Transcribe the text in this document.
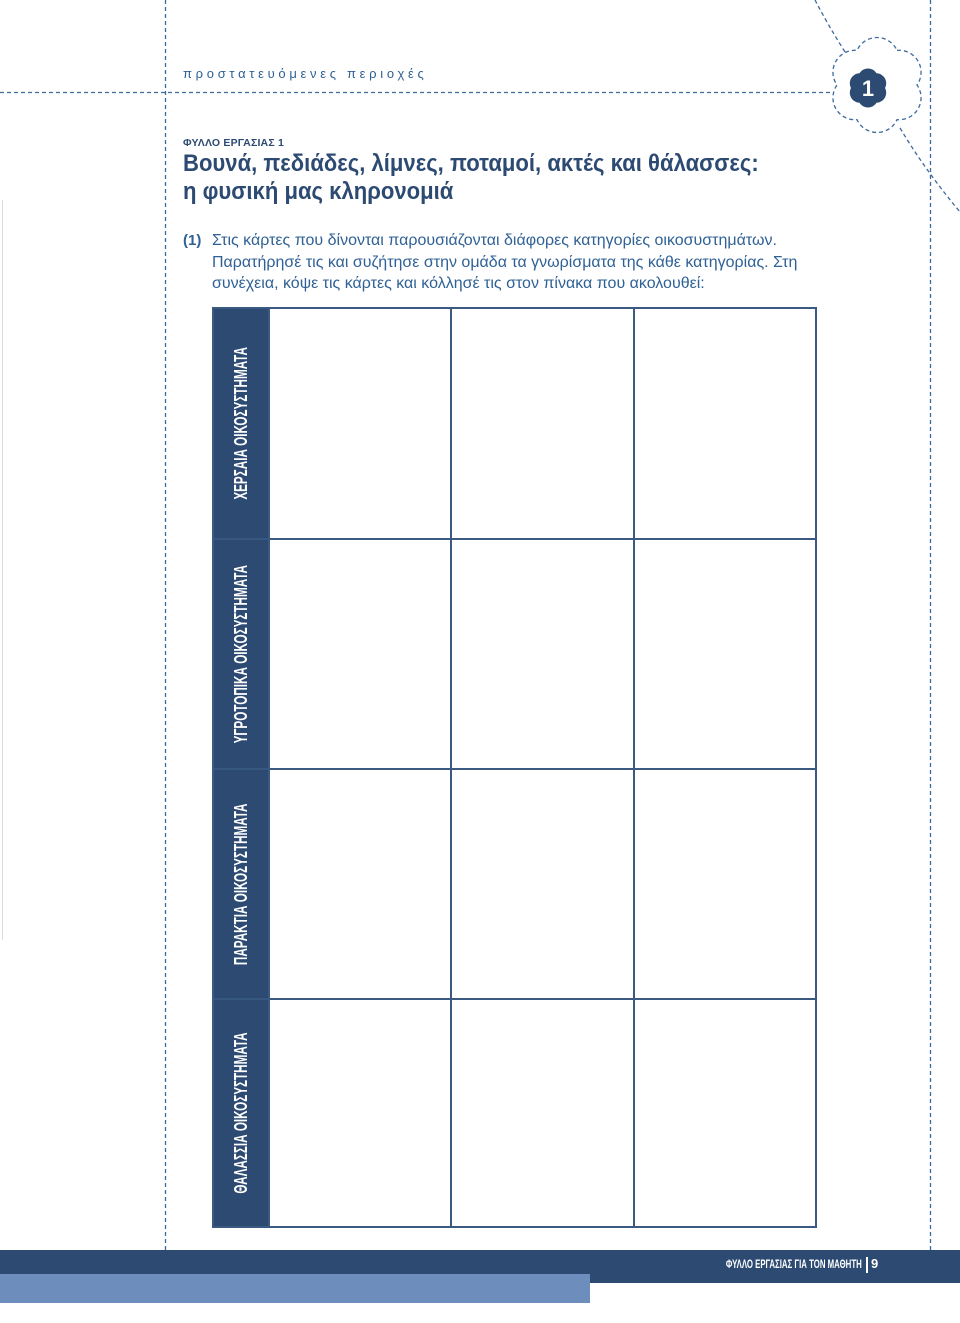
1
προστατευόμενες περιοχές
ΦΥΛΛΟ ΕΡΓΑΣΙΑΣ 1
Βουνά, πεδιάδες, λίμνες, ποταμοί, ακτές και θάλασσες:
η φυσική μας κληρονομιά
(1) Στις κάρτες που δίνονται παρουσιάζονται διάφορες κατηγορίες οικοσυστημάτων.
Παρατήρησέ τις και συζήτησε στην ομάδα τα γνωρίσματα της κάθε κατηγορίας. Στη
συνέχεια, κόψε τις κάρτες και κόλλησέ τις στον πίνακα που ακολουθεί:
ΧΕΡΣΑΙΑ ΟΙΚΟΣΥΣΤΗΜΑΤΑ
ΥΓΡΟΤΟΠΙΚΑ ΟΙΚΟΣΥΣΤΗΜΑΤΑ
ΠΑΡΑΚΤΙΑ ΟΙΚΟΣΥΣΤΗΜΑΤΑ
ΘΑΛΑΣΣΙΑ ΟΙΚΟΣΥΣΤΗΜΑΤΑ
ΦΥΛΛΟ ΕΡΓΑΣΙΑΣ ΓΙΑ ΤΟΝ ΜΑΘΗΤΗ 9
